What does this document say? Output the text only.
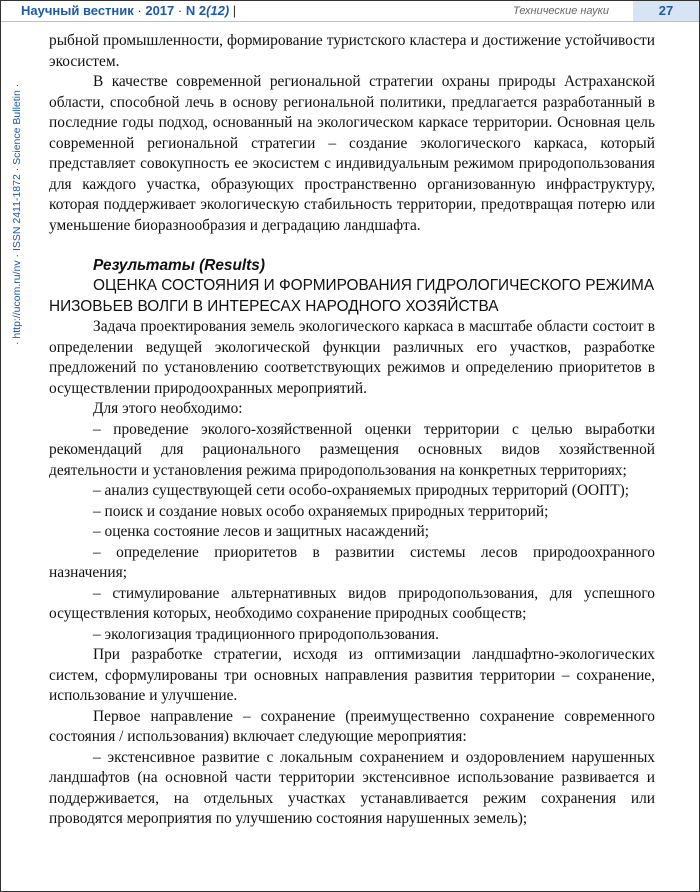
Научный вестник · 2017 · N 2(12) |	Технические науки	27
· http://ucom.ru/nv · ISSN 2411-1872 · Science Bulletin ·

рыбной промышленности, формирование туристского кластера и достижение устойчивости экосистем.

В качестве современной региональной стратегии охраны природы Астраханской области, способной лечь в основу региональной политики, предлагается разработанный в последние годы подход, основанный на экологическом каркасе территории. Основная цель современной региональной стратегии – создание экологического каркаса, который представляет совокупность ее экосистем с индивидуальным режимом природопользования для каждого участка, образующих пространственно организованную инфраструктуру, которая поддерживает экологическую стабильность территории, предотвращая потерю или уменьшение биоразнообразия и деградацию ландшафта.

Результаты (Results)

ОЦЕНКА СОСТОЯНИЯ И ФОРМИРОВАНИЯ ГИДРОЛОГИЧЕСКОГО РЕЖИМА НИЗОВЬЕВ ВОЛГИ В ИНТЕРЕСАХ НАРОДНОГО ХОЗЯЙСТВА

Задача проектирования земель экологического каркаса в масштабе области состоит в определении ведущей экологической функции различных его участков, разработке предложений по установлению соответствующих режимов и определению приоритетов в осуществлении природоохранных мероприятий.

Для этого необходимо:

– проведение эколого-хозяйственной оценки территории с целью выработки рекомендаций для рационального размещения основных видов хозяйственной деятельности и установления режима природопользования на конкретных территориях;

– анализ существующей сети особо-охраняемых природных территорий (ООПТ);

– поиск и создание новых особо охраняемых природных территорий;

– оценка состояние лесов и защитных насаждений;

– определение приоритетов в развитии системы лесов природоохранного назначения;

– стимулирование альтернативных видов природопользования, для успешного осуществления которых, необходимо сохранение природных сообществ;

– экологизация традиционного природопользования.

При разработке стратегии, исходя из оптимизации ландшафтно-экологических систем, сформулированы три основных направления развития территории – сохранение, использование и улучшение.

Первое направление – сохранение (преимущественно сохранение современного состояния / использования) включает следующие мероприятия:

– экстенсивное развитие с локальным сохранением и оздоровлением нарушенных ландшафтов (на основной части территории экстенсивное использование развивается и поддерживается, на отдельных участках устанавливается режим сохранения или проводятся мероприятия по улучшению состояния нарушенных земель);
